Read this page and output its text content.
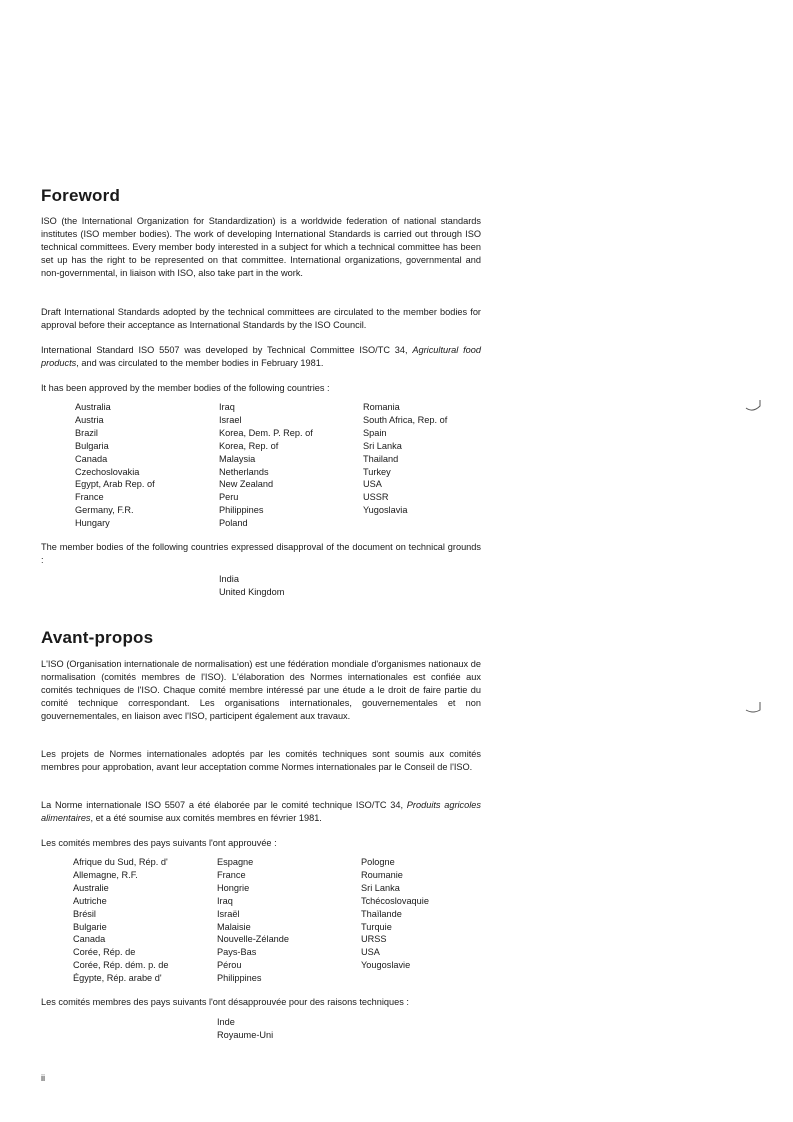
Foreword

ISO (the International Organization for Standardization) is a worldwide federation of national standards institutes (ISO member bodies). The work of developing International Standards is carried out through ISO technical committees. Every member body interested in a subject for which a technical committee has been set up has the right to be represented on that committee. International organizations, governmental and non-governmental, in liaison with ISO, also take part in the work.

Draft International Standards adopted by the technical committees are circulated to the member bodies for approval before their acceptance as International Standards by the ISO Council.

International Standard ISO 5507 was developed by Technical Committee ISO/TC 34, Agricultural food products, and was circulated to the member bodies in February 1981.

It has been approved by the member bodies of the following countries :

Australia
Austria
Brazil
Bulgaria
Canada
Czechoslovakia
Egypt, Arab Rep. of
France
Germany, F.R.
Hungary
Iraq
Israel
Korea, Dem. P. Rep. of
Korea, Rep. of
Malaysia
Netherlands
New Zealand
Peru
Philippines
Poland
Romania
South Africa, Rep. of
Spain
Sri Lanka
Thailand
Turkey
USA
USSR
Yugoslavia

The member bodies of the following countries expressed disapproval of the document on technical grounds :

India
United Kingdom
Avant-propos

L'ISO (Organisation internationale de normalisation) est une fédération mondiale d'organismes nationaux de normalisation (comités membres de l'ISO). L'élaboration des Normes internationales est confiée aux comités techniques de l'ISO. Chaque comité membre intéressé par une étude a le droit de faire partie du comité technique correspondant. Les organisations internationales, gouvernementales et non gouvernementales, en liaison avec l'ISO, participent également aux travaux.

Les projets de Normes internationales adoptés par les comités techniques sont soumis aux comités membres pour approbation, avant leur acceptation comme Normes internationales par le Conseil de l'ISO.

La Norme internationale ISO 5507 a été élaborée par le comité technique ISO/TC 34, Produits agricoles alimentaires, et a été soumise aux comités membres en février 1981.

Les comités membres des pays suivants l'ont approuvée :

Afrique du Sud, Rép. d'
Allemagne, R.F.
Australie
Autriche
Brésil
Bulgarie
Canada
Corée, Rép. de
Corée, Rép. dém. p. de
Égypte, Rép. arabe d'
Espagne
France
Hongrie
Iraq
Israël
Malaisie
Nouvelle-Zélande
Pays-Bas
Pérou
Philippines
Pologne
Roumanie
Sri Lanka
Tchécoslovaquie
Thaïlande
Turquie
URSS
USA
Yougoslavie

Les comités membres des pays suivants l'ont désapprouvée pour des raisons techniques :

Inde
Royaume-Uni
ii
